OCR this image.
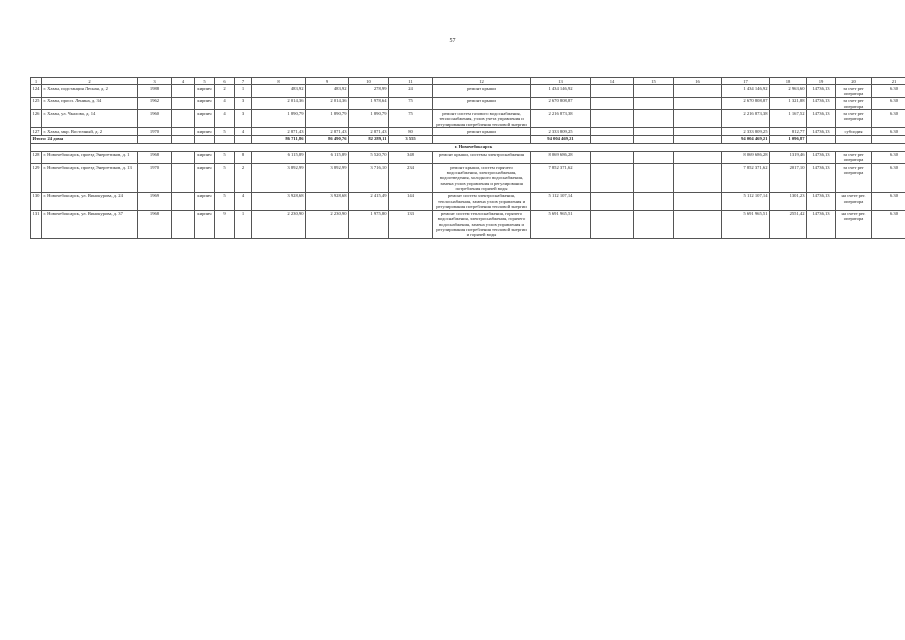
57
1	2	3	4	5	6	7	8	9	10	11	12	13	14	15	16	17	18	19	20	21
124	г. Хазан, подстанция Лесная, д. 2	1988		кирпич	2	1	483,92	483,92	278,99	24	ремонт крыши	1 434 146,92				1 434 146,92	2 963,60	14736,13	за счет рег оператора	6.30
125	г. Хазан, просп. Ленина, д. 34	1962		кирпич	4	3	2 014,36	2 014,36	1 978,64	75	ремонт крыши	2 670 808,87				2 670 808,87	1 321,88	14736,13	за счет рег оператора	6.30
126	г. Хазан, ул. Чкалова, д. 14	1960		кирпич	4	3	1 890,79	1 890,79	1 890,79	75	ремонт систем газового водоснабжения, теплоснабжения, узлов учета управления и регулирования потребления тепловой энергии	2 216 873,38				2 216 873,38	1 167,52	14736,13	за счет рег оператора	6.30
127	г. Хазан, мкр. Восточный, д. 2	1970		кирпич	5	4	2 871,43	2 871,43	2 871,43	80	ремонт крыши	2 333 809,25				2 333 809,25	812,77	14736,13	субсидия	6.30
Итого: 24 дома							86 711,86	86 490,76	82 289,11	3 555		94 004 469,21				94 004 469,21	1 096,87			
г. Новочебоксарск																				
128	г. Новочебоксарск, проезд Энергетиков, д. 1	1968		кирпич	5	8	6 115,89	6 115,89	5 520,70	348	ремонт крыши, системы электроснабжения	8 069 686,28				8 069 686,28	1319,46	14736,13	за счет рег оператора	6.30
129	г. Новочебоксарск, проезд Энергетиков, д. 13	1970		кирпич	5	2	3 892,99	3 892,99	3 716,10	234	ремонт крыши, систем горячего водоснабжения, электроснабжения, водоотведения, холодного водоснабжения, замена узлов управления и регулирования потребления горячей воды	7 852 371,62				7 852 371,62	2017,10	14736,13	за счет рег оператора	6.30
130	г. Новочебоксарск, ул. Винокурова, д. 24	1969		кирпич	5	4	3 928,68	3 928,68	2 415,49	144	ремонт систем электроснабжения, теплоснабжения, замена узлов управления и регулирования потребления тепловой энергии	5 112 107,14				5 112 107,14	1301,23	14736,13	на счете рег. оператора	6.30
131	г. Новочебоксарск, ул. Винокурова, д. 37	1968		кирпич	9	1	2 230,90	2 230,90	1 975,80	133	ремонт систем теплоснабжения, горячего водоснабжения, электроснабжения, горячего водоснабжения, замена узлов управления и регулирования потребления тепловой энергии и горячей воды	5 691 965,51				5 691 965,51	2551,42	14736,13	на счете рег. оператора	6.30
